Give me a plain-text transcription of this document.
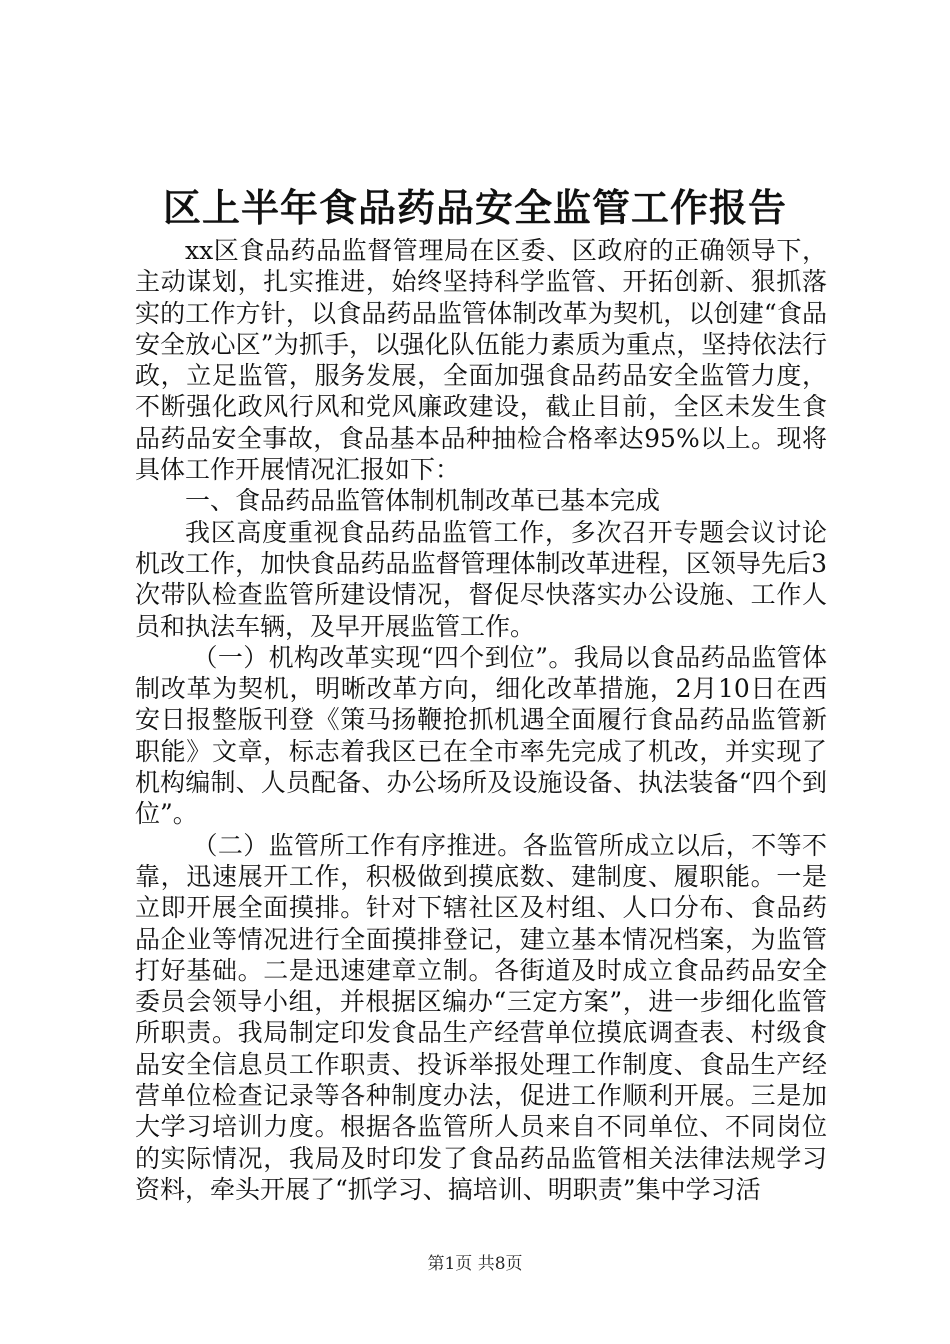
区上半年食品药品安全监管工作报告

xx区食品药品监督管理局在区委、区政府的正确领导下，主动谋划，扎实推进，始终坚持科学监管、开拓创新、狠抓落实的工作方针，以食品药品监管体制改革为契机，以创建“食品安全放心区”为抓手，以强化队伍能力素质为重点，坚持依法行政，立足监管，服务发展，全面加强食品药品安全监管力度，不断强化政风行风和党风廉政建设，截止目前，全区未发生食品药品安全事故，食品基本品种抽检合格率达95%以上。现将具体工作开展情况汇报如下：

一、食品药品监管体制机制改革已基本完成

我区高度重视食品药品监管工作，多次召开专题会议讨论机改工作，加快食品药品监督管理体制改革进程，区领导先后3次带队检查监管所建设情况，督促尽快落实办公设施、工作人员和执法车辆，及早开展监管工作。

（一）机构改革实现“四个到位”。我局以食品药品监管体制改革为契机，明晰改革方向，细化改革措施，2月10日在西安日报整版刊登《策马扬鞭抢抓机遇全面履行食品药品监管新职能》文章，标志着我区已在全市率先完成了机改，并实现了机构编制、人员配备、办公场所及设施设备、执法装备“四个到位”。

（二）监管所工作有序推进。各监管所成立以后，不等不靠，迅速展开工作，积极做到摸底数、建制度、履职能。一是立即开展全面摸排。针对下辖社区及村组、人口分布、食品药品企业等情况进行全面摸排登记，建立基本情况档案，为监管打好基础。二是迅速建章立制。各街道及时成立食品药品安全委员会领导小组，并根据区编办“三定方案”，进一步细化监管所职责。我局制定印发食品生产经营单位摸底调查表、村级食品安全信息员工作职责、投诉举报处理工作制度、食品生产经营单位检查记录等各种制度办法，促进工作顺利开展。三是加大学习培训力度。根据各监管所人员来自不同单位、不同岗位的实际情况，我局及时印发了食品药品监管相关法律法规学习资料，牵头开展了“抓学习、搞培训、明职责”集中学习活

第1页 共8页
